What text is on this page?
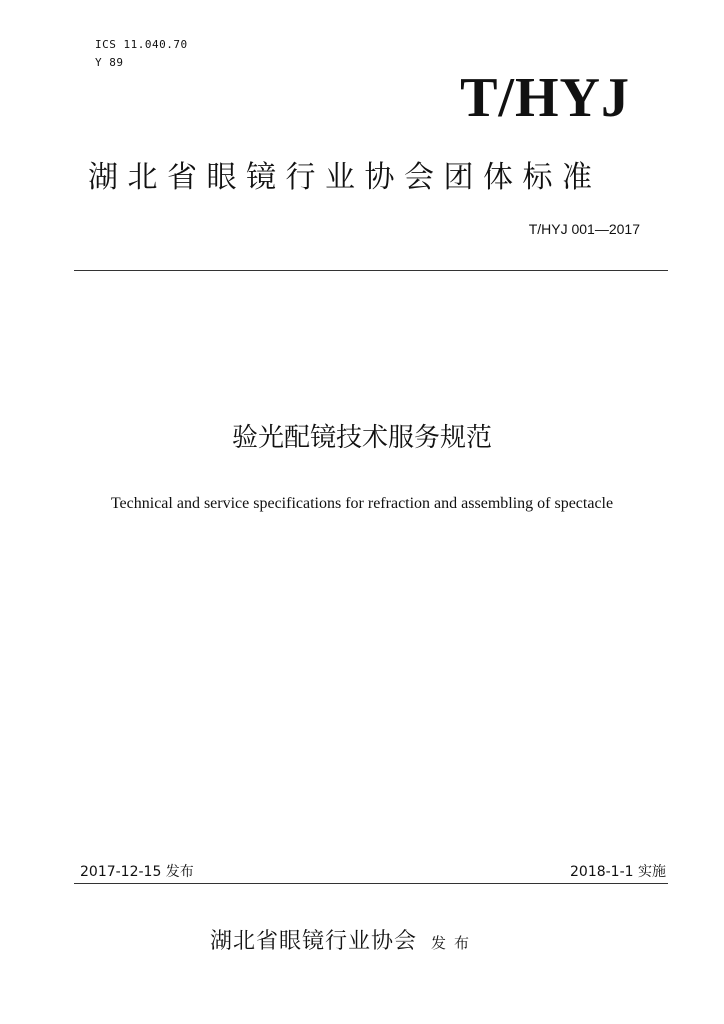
ICS 11.040.70

Y 89

T/HYJ

湖北省眼镜行业协会团体标准

T/HYJ 001—2017

验光配镜技术服务规范

Technical and service specifications for refraction and assembling of spectacle

2017-12-15 发布	2018-1-1 实施

湖北省眼镜行业协会 发布
